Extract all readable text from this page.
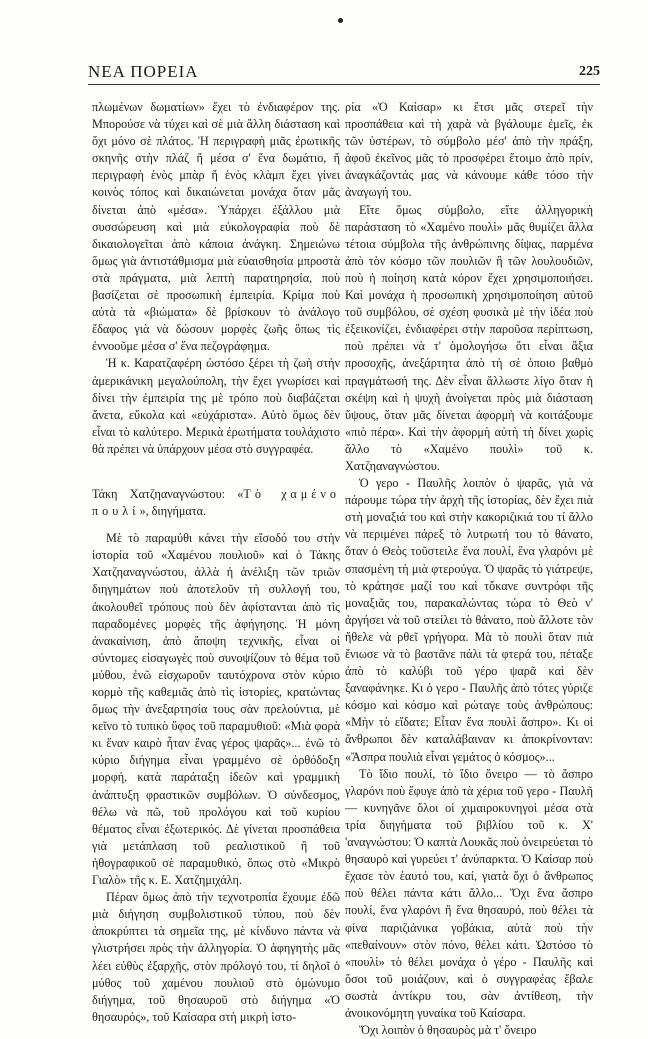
ΝΕΑ ΠΟΡΕΙΑ	225

πλωμένων δωματίων» ἔχει τὸ ἐνδιαφέρον της. Μπορούσε νὰ τύχει καὶ σὲ μιὰ ἄλλη διάσταση καὶ ὄχι μόνο σὲ πλάτος. Ἡ περιγραφὴ μιᾶς ἐρωτικῆς σκηνῆς στὴν πλάζ ἤ μέσα σ' ἕνα δωμάτιο, ἤ περιγραφὴ ἑνὸς μπὰρ ἤ ἑνὸς κλὰμπ ἔχει γίνει κοινὸς τόπος καὶ δικαιώνεται μονάχα ὅταν μᾶς δίνεται ἀπὸ «μέσα». Ὑπάρχει ἐξάλλου μιὰ συσσώρευση καὶ μιὰ εὐκολογραφία ποὺ δὲ δικαιολογεῖται ἀπὸ κάποια ἀνάγκη. Σημειώνω ὅμως γιὰ ἀντιστάθμισμα μιὰ εὐαισθησία μπροστὰ στὰ πράγματα, μιὰ λεπτὴ παρατηρησία, ποὺ βασίζεται σὲ προσωπικὴ ἐμπειρία. Κρίμα ποὺ αὐτὰ τὰ «βιώματα» δὲ βρίσκουν τὸ ἀνάλογο ἔδαφος γιὰ νὰ δώσουν μορφὲς ζωῆς ὅπως τὶς ἐννοοῦμε μέσα σ' ἕνα πεζογράφημα.

Ἡ κ. Καρατζαφέρη ὡστόσο ξέρει τὴ ζωὴ στὴν ἀμερικάνικη μεγαλούπολη, τὴν ἔχει γνωρίσει καὶ δίνει τὴν ἐμπειρία της μὲ τρόπο ποὺ διαβάζεται ἄνετα, εὔκολα καὶ «εὐχάριστα». Αὐτὸ ὅμως δὲν εἶναι τὸ καλύτερο. Μερικὰ ἐρωτήματα τουλάχιστο θὰ πρέπει νὰ ὑπάρχουν μέσα στὸ συγγραφέα.

Τάκη Χατζηαναγνώστου: «Τὸ χαμένο πουλί», διηγήματα.

Μὲ τὸ παραμύθι κάνει τὴν εἴσοδό του στὴν ἱστορία τοῦ «Χαμένου πουλιοῦ» καὶ ὁ Τάκης Χατζηαναγνώστου, ἀλλὰ ἡ ἀνέλιξη τῶν τριῶν διηγημάτων ποὺ ἀποτελοῦν τὴ συλλογή του, ἀκολουθεῖ τρόπους ποὺ δὲν ἀφίστανται ἀπὸ τὶς παραδομένες μορφὲς τῆς ἀφήγησης. Ἡ μόνη ἀνακαίνιση, ἀπὸ ἄποψη τεχνικῆς, εἶναι οἱ σύντομες εἰσαγωγὲς ποὺ συνοψίζουν τὸ θέμα τοῦ μύθου, ἐνῶ εἰσχωροῦν ταυτόχρονα στὸν κύριο κορμὸ τῆς καθεμιᾶς ἀπὸ τὶς ἱστορίες, κρατώντας ὅμως τὴν ἀνεξαρτησία τους σὰν πρελούντια, μὲ κεῖνο τὸ τυπικὸ ὕφος τοῦ παραμυθιοῦ: «Μιὰ φορὰ κι ἕναν καιρὸ ἦταν ἕνας γέρος ψαρᾶς»... ἐνῶ τὸ κύριο διήγημα εἶναι γραμμένο σὲ ὀρθόδοξη μορφή, κατὰ παράταξη ἰδεῶν καὶ γραμμικὴ ἀνάπτυξη φραστικῶν συμβόλων. Ὁ σύνδεσμος, θέλω νὰ πῶ, τοῦ προλόγου καὶ τοῦ κυρίου θέματος εἶναι ἐξωτερικός. Δὲ γίνεται προσπάθεια γιὰ μετάπλαση τοῦ ρεαλιστικοῦ ἢ τοῦ ἠθογραφικοῦ σὲ παραμυθικό, ὅπως στὸ «Μικρὸ Γιαλὸ» τῆς κ. Ε. Χατζημιχάλη.

Πέραν ὅμως ἀπὸ τὴν τεχνοτροπία ἔχουμε ἐδῶ μιὰ διήγηση συμβολιστικοῦ τύπου, ποὺ δὲν ἀποκρύπτει τὰ σημεῖα της, μὲ κίνδυνο πάντα νὰ γλιστρήσει πρὸς τὴν ἀλληγορία. Ὁ ἀφηγητὴς μᾶς λέει εὐθὺς ἐξαρχῆς, στὸν πρόλογό του, τί δηλοῖ ὁ μύθος τοῦ χαμένου πουλιοῦ στὸ ὁμώνυμο διήγημα, τοῦ θησαυροῦ στὸ διήγημα «Ὁ θησαυρός», τοῦ Καίσαρα στὴ μικρὴ ἱστο-

ρία «Ὁ Καίσαρ» κι ἔτσι μᾶς στερεῖ τὴν προσπάθεια καὶ τὴ χαρὰ νὰ βγάλουμε ἐμεῖς, ἐκ τῶν ὑστέρων, τὸ σύμβολο μέσ' ἀπὸ τὴν πράξη, ἀφοῦ ἐκεῖνος μᾶς τὸ προσφέρει ἕτοιμο ἀπὸ πρίν, ἀναγκάζοντάς μας νὰ κάνουμε κάθε τόσο τὴν ἀναγωγή του.

Εἴτε ὅμως σύμβολο, εἴτε ἀλληγορικὴ παράσταση τὸ «Χαμένο πουλὶ» μᾶς θυμίζει ἄλλα τέτοια σύμβολα τῆς ἀνθρώπινης δίψας, παρμένα ἀπὸ τὸν κόσμο τῶν πουλιῶν ἢ τῶν λουλουδιῶν, ποὺ ἡ ποίηση κατὰ κόρον ἔχει χρησιμοποιήσει. Καὶ μονάχα ἡ προσωπικὴ χρησιμοποίηση αὐτοῦ τοῦ συμβόλου, σὲ σχέση φυσικὰ μὲ τὴν ἰδέα ποὺ ἐξεικονίζει, ἐνδιαφέρει στὴν παροῦσα περίπτωση, ποὺ πρέπει νὰ τ' ὁμολογήσω ὅτι εἶναι ἄξια προσοχῆς, ἀνεξάρτητα ἀπὸ τὴ σὲ ὁποιο βαθμὸ πραγμάτωσή της. Δὲν εἶναι ἄλλωστε λίγο ὅταν ἡ σκέψη καὶ ἡ ψυχὴ ἀνοίγεται πρὸς μιὰ διάσταση ὕψους, ὅταν μᾶς δίνεται ἀφορμὴ νὰ κοιτάξουμε «πιὸ πέρα». Καὶ τὴν ἀφορμὴ αὐτὴ τὴ δίνει χωρὶς ἄλλο τὸ «Χαμένο πουλὶ» τοῦ κ. Χατζηαναγνώστου.

Ὁ γερο - Παυλῆς λοιπὸν ὁ ψαρᾶς, γιὰ νὰ πάρουμε τώρα τὴν ἀρχὴ τῆς ἱστορίας, δὲν ἔχει πιὰ στὴ μοναξιά του καὶ στὴν κακοριζικιά του τί ἄλλο νὰ περιμένει πάρεξ τὸ λυτρωτή του τὸ θάνατο, ὅταν ὁ Θεὸς τοῦστειλε ἕνα πουλί, ἕνα γλαρόνι μὲ σπασμένη τὴ μιὰ φτερούγα. Ὁ ψαρᾶς τὸ γιάτρεψε, τὸ κράτησε μαζί του καὶ τὄκανε συντρόφι τῆς μοναξιᾶς του, παρακαλώντας τώρα τὸ Θεὸ ν' ἀργήσει νὰ τοῦ στείλει τὸ θάνατο, ποὺ ἄλλοτε τὸν ἤθελε νὰ ρθεῖ γρήγορα. Μὰ τὸ πουλὶ ὅταν πιὰ ἔνιωσε νὰ τὸ βαστᾶνε πάλι τὰ φτερά του, πέταξε ἀπὸ τὸ καλύβι τοῦ γέρο ψαρᾶ καὶ δὲν ξαναφάνηκε. Κι ὁ γερο - Παυλῆς ἀπὸ τότες γύριζε κόσμο καὶ κόσμο καὶ ρώταγε τοὺς ἀνθρώπους: «Μὴν τὸ εἴδατε; Εἶταν ἕνα πουλὶ ἄσπρο». Κι οἱ ἄνθρωποι δὲν καταλάβαιναν κι ἀποκρίνονταν: «Ἄσπρα πουλιὰ εἶναι γεμάτος ὁ κόσμος»...

Τὸ ἴδιο πουλί, τὸ ἴδιο ὄνειρο — τὸ ἄσπρο γλαρόνι ποὺ ἔφυγε ἀπὸ τὰ χέρια τοῦ γερο - Παυλῆ — κυνηγᾶνε ὅλοι οἱ χιμαιροκυνηγοὶ μέσα στὰ τρία διηγήματα τοῦ βιβλίου τοῦ κ. Χ' 'αναγνώστου: Ὁ καπτὰ Λουκᾶς ποὺ ὀνειρεύεται τὸ θησαυρὸ καὶ γυρεύει τ' ἀνύπαρκτα. Ὁ Καίσαρ ποὺ ἔχασε τὸν ἑαυτό του, καί, γιατὰ ὄχι ὁ ἄνθρωπος ποὺ θέλει πάντα κάτι ἄλλο... Ὄχι ἕνα ἄσπρο πουλί, ἕνα γλαρόνι ἢ ἕνα θησαυρό, ποὺ θέλει τὰ φίνα παριζιάνικα γοβάκια, αὐτὰ ποὺ τὴν «πεθαίνουν» στὸν πόνο, θέλει κάτι. Ὡστόσο τὸ «πουλὶ» τὸ θέλει μονάχα ὁ γέρο - Παυλῆς καὶ ὅσοι τοῦ μοιάζουν, καὶ ὁ συγγραφέας ἔβαλε σωστὰ ἀντίκρυ του, σὰν ἀντίθεση, τὴν ἀνοικονόμητη γυναίκα τοῦ Καίσαρα.

Ὄχι λοιπὸν ὁ θησαυρὸς μὰ τ' ὄνειρο
